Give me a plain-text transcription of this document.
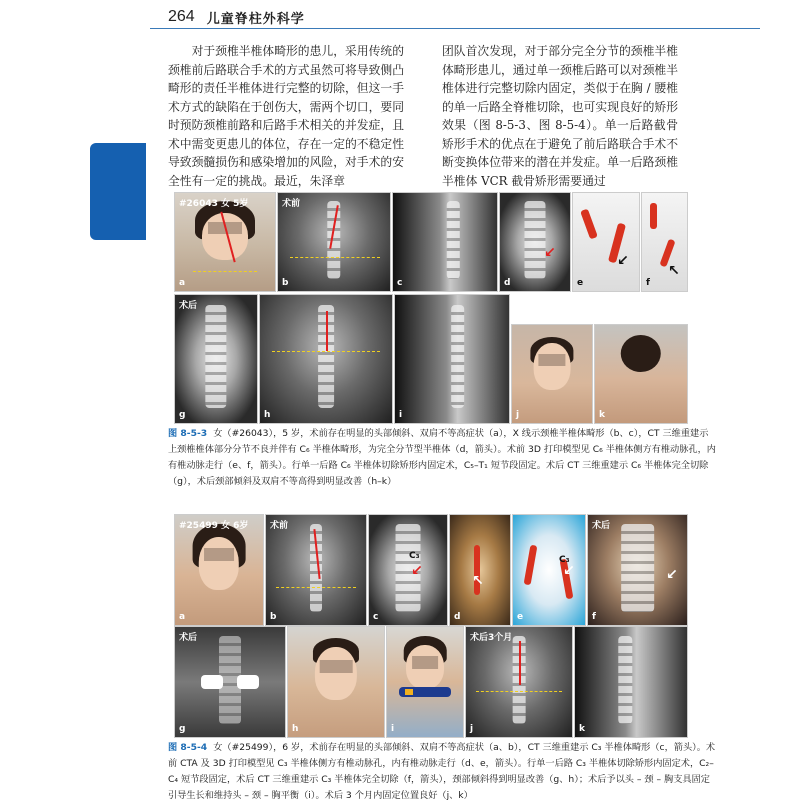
264 儿童脊柱外科学
对于颈椎半椎体畸形的患儿，采用传统的颈椎前后路联合手术的方式虽然可将导致侧凸畸形的责任半椎体进行完整的切除，但这一手术方式的缺陷在于创伤大，需两个切口，要同时预防颈椎前路和后路手术相关的并发症，且术中需变更患儿的体位，存在一定的不稳定性导致颈髓损伤和感染增加的风险，对手术的安全性有一定的挑战。最近，朱泽章
团队首次发现，对于部分完全分节的颈椎半椎体畸形患儿，通过单一颈椎后路可以对颈椎半椎体进行完整切除内固定，类似于在胸 / 腰椎的单一后路全脊椎切除，也可实现良好的矫形效果（图 8-5-3、图 8-5-4）。单一后路截骨矫形手术的优点在于避免了前后路联合手术不断变换体位带来的潜在并发症。单一后路颈椎半椎体 VCR 截骨矫形需要通过
#26043 女 5岁
a
术前
b	c
↙
d
↙
e
↖
f
术后
g	h	i	j	k
图 8-5-3 女（#26043），5 岁，术前存在明显的头部倾斜、双肩不等高症状（a），X 线示颈椎半椎体畸形（b、c），CT 三维重建示上颈椎椎体部分分节不良并伴有 C₆ 半椎体畸形，为完全分节型半椎体（d，箭头）。术前 3D 打印模型见 C₆ 半椎体侧方有椎动脉孔，内有椎动脉走行（e、f，箭头）。行单一后路 C₆ 半椎体切除矫形内固定术，C₅–T₁ 短节段固定。术后 CT 三维重建示 C₆ 半椎体完全切除（g），术后颈部倾斜及双肩不等高得到明显改善（h–k）
#25499 女 6岁
a
术前
b
↙
C₃
c
↖
d
↙
C₃
e
↙
术后
f
术后
g	h	i
术后3个月
j	k
图 8-5-4 女（#25499），6 岁，术前存在明显的头部倾斜、双肩不等高症状（a、b），CT 三维重建示 C₃ 半椎体畸形（c，箭头）。术前 CTA 及 3D 打印模型见 C₃ 半椎体侧方有椎动脉孔，内有椎动脉走行（d、e，箭头）。行单一后路 C₃ 半椎体切除矫形内固定术，C₂–C₄ 短节段固定，术后 CT 三维重建示 C₃ 半椎体完全切除（f，箭头），颈部倾斜得到明显改善（g、h）；术后予以头 – 颈 – 胸支具固定引导生长和维持头 – 颈 – 胸平衡（i）。术后 3 个月内固定位置良好（j、k）
